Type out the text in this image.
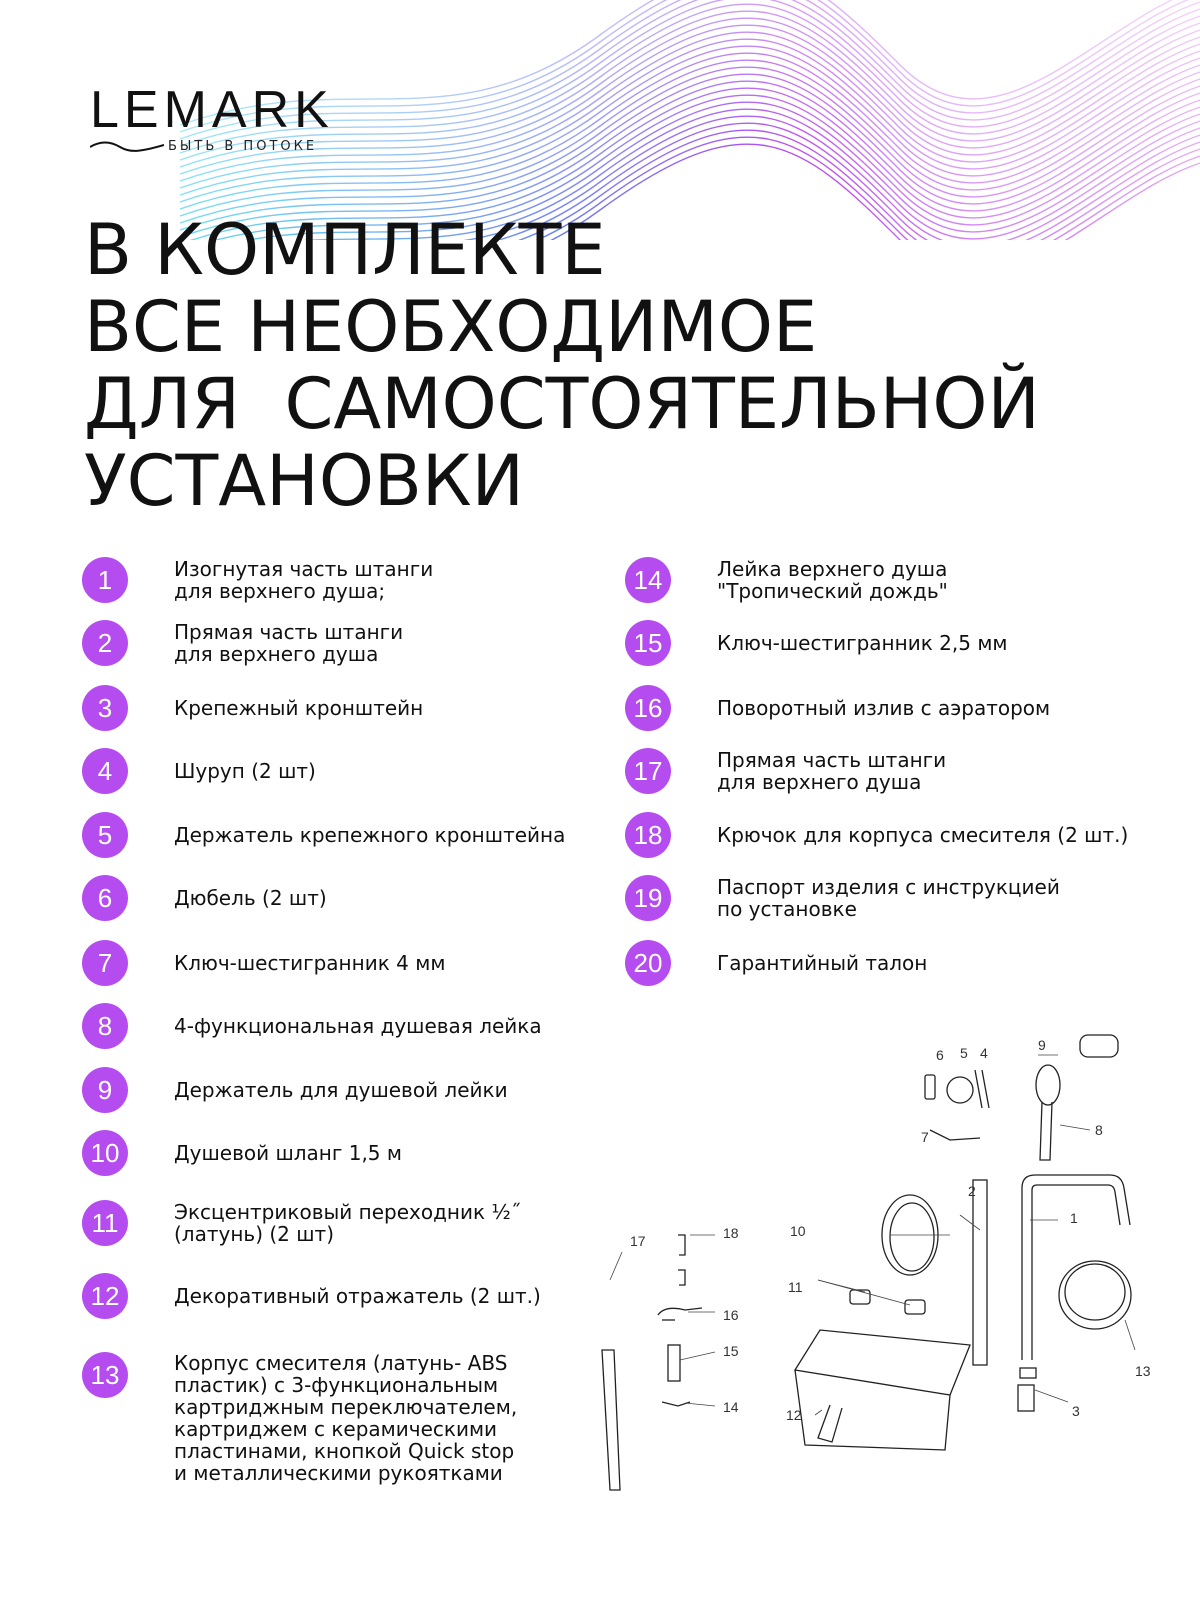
LEMARK
БЫТЬ В ПОТОКЕ
В КОМПЛЕКТЕ
ВСЕ НЕОБХОДИМОЕ
ДЛЯ  САМОСТОЯТЕЛЬНОЙ
УСТАНОВКИ
1	Изогнутая часть штанги
для верхнего душа;
2	Прямая часть штанги
для верхнего душа
3	Крепежный кронштейн
4	Шуруп (2 шт)
5	Держатель крепежного кронштейна
6	Дюбель (2 шт)
7	Ключ-шестигранник 4 мм
8	4-функциональная душевая лейка
9	Держатель для душевой лейки
10	Душевой шланг 1,5 м
11	Эксцентриковый переходник ½˝
(латунь) (2 шт)
12	Декоративный отражатель (2 шт.)
13	Корпус смесителя (латунь- ABS
пластик) с 3-функциональным
картриджным переключателем,
картриджем с керамическими
пластинами, кнопкой Quick stop
и металлическими рукоятками
14	Лейка верхнего душа
"Тропический дождь"
15	Ключ-шестигранник 2,5 мм
16	Поворотный излив с аэратором
17	Прямая часть штанги
для верхнего душа
18	Крючок для корпуса смесителя (2 шт.)
19	Паспорт изделия с инструкцией
по установке
20	Гарантийный талон
1
2
3
4
5
6
7	8
9
10
11
12
13
14
15
16
17	18
